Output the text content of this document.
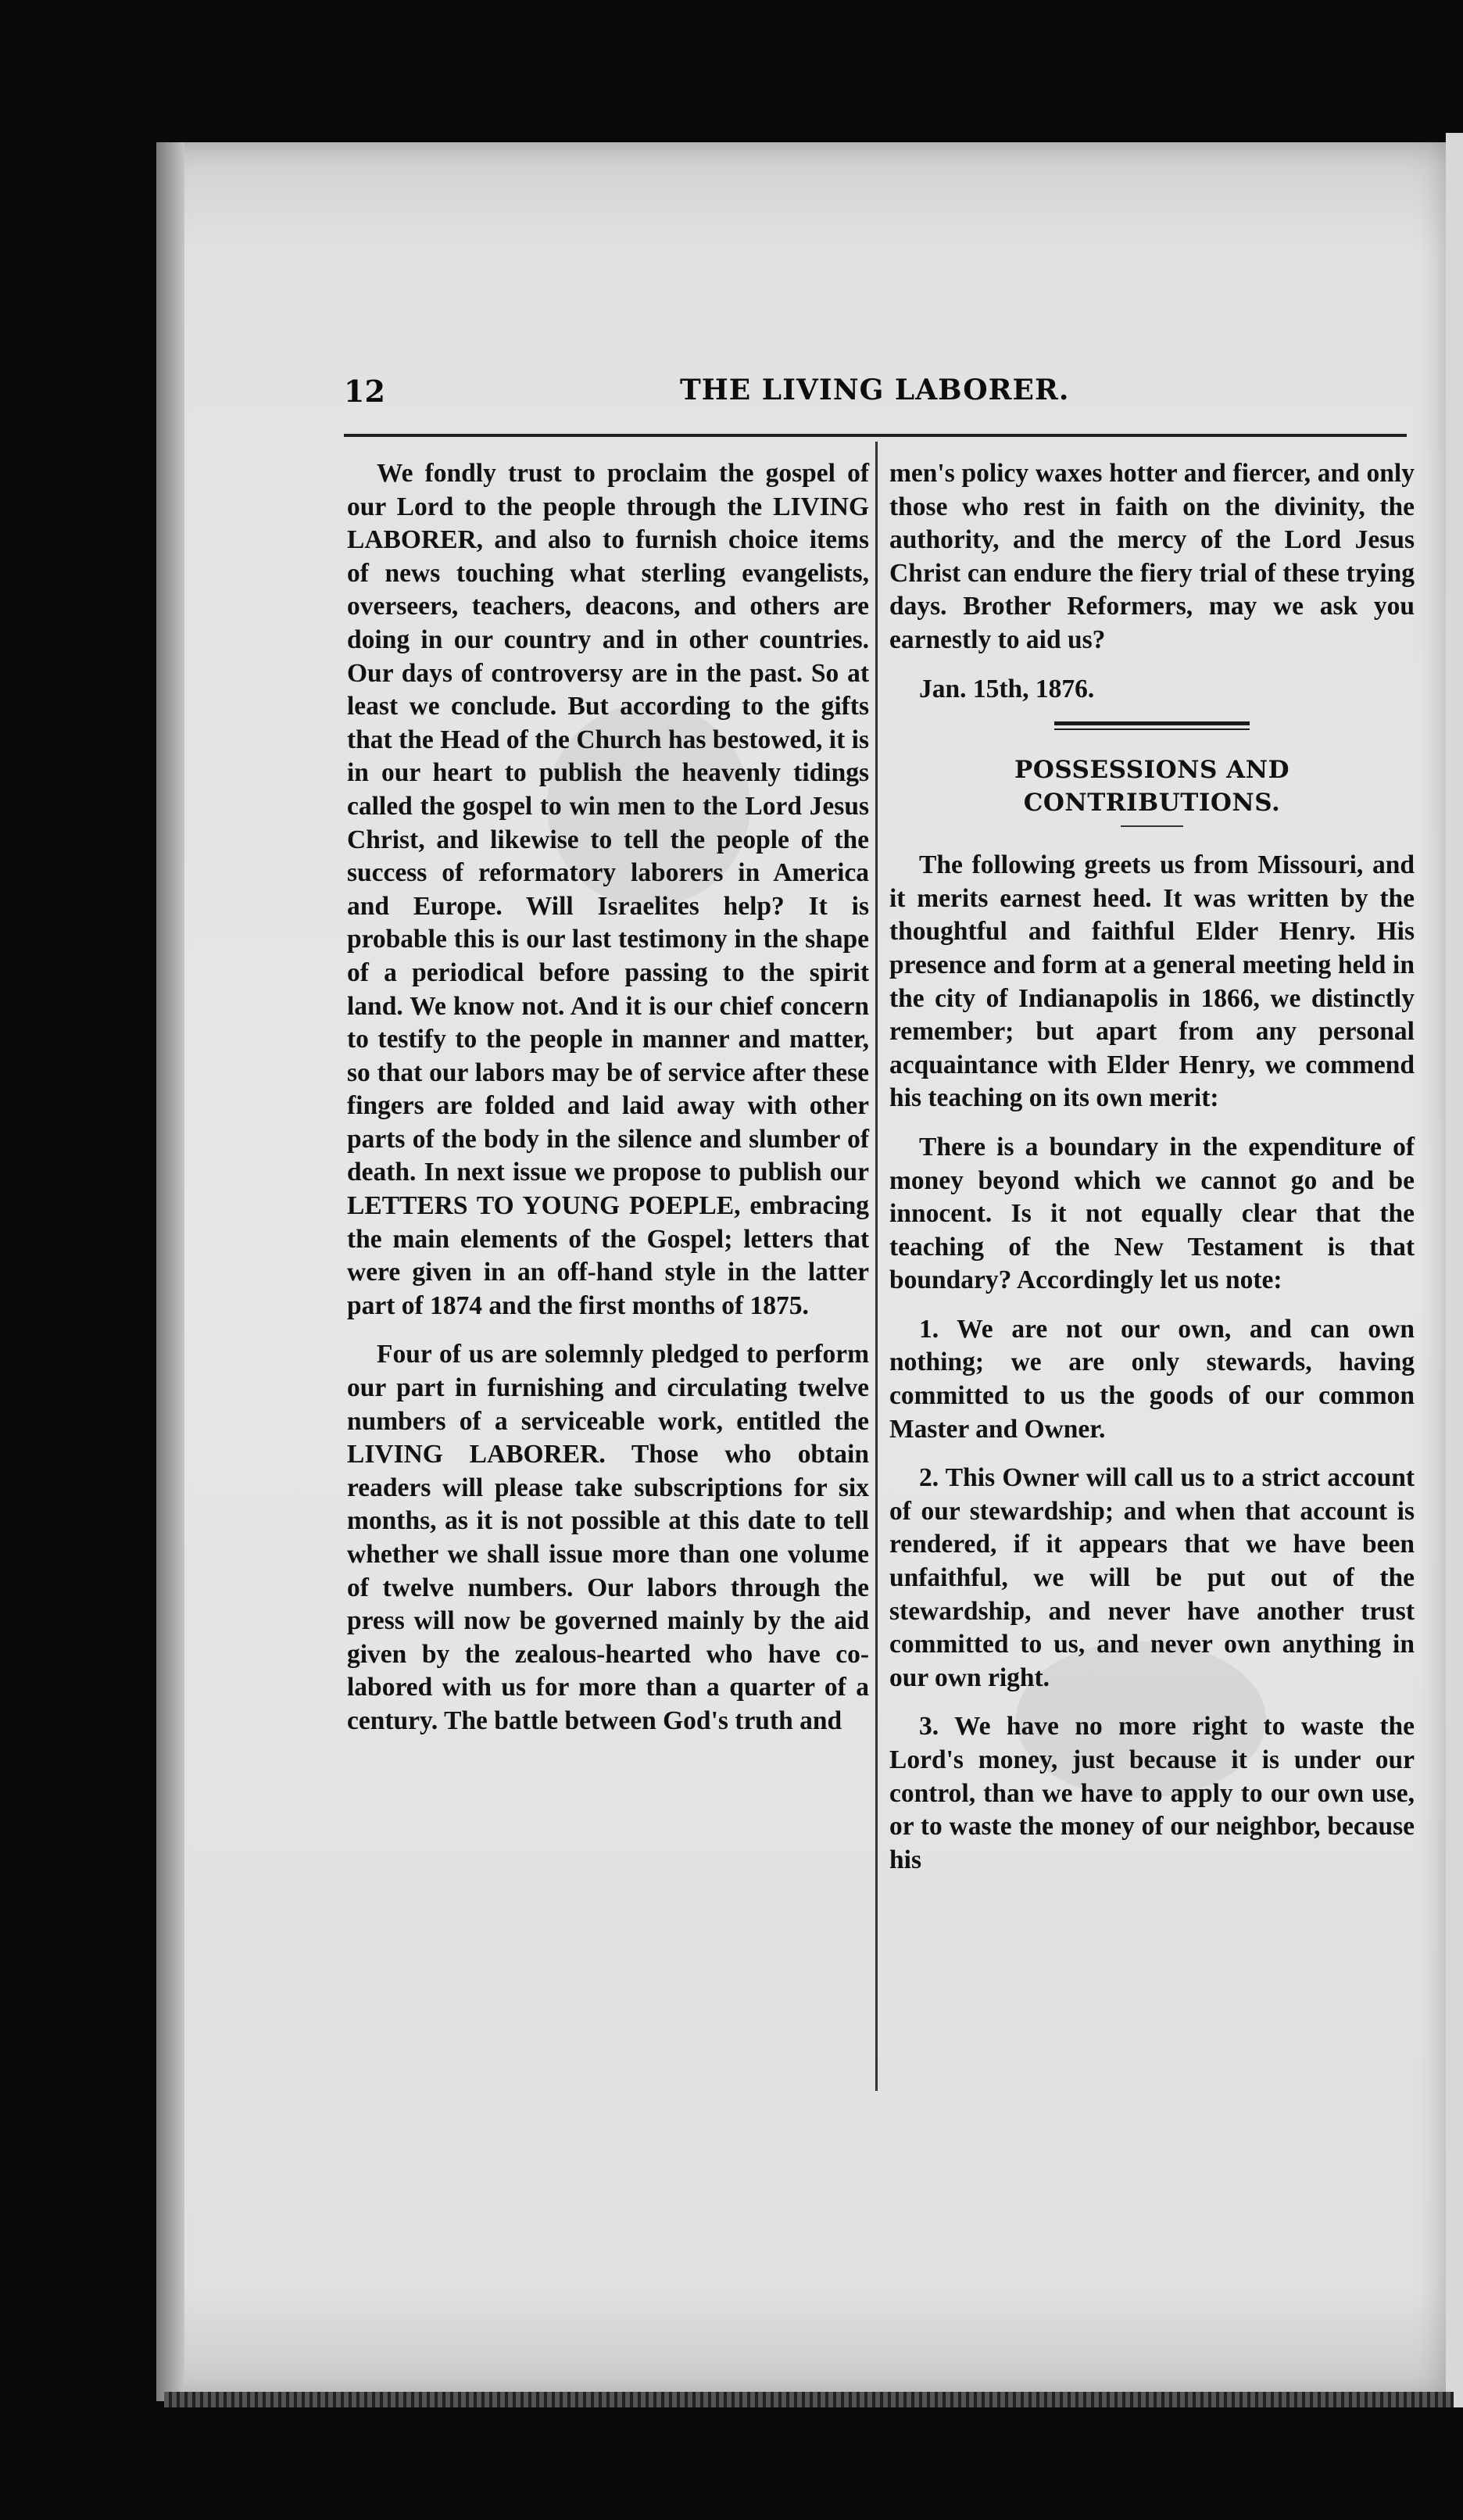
12	THE LIVING LABORER.

We fondly trust to proclaim the gospel of our Lord to the people through the LIVING LABORER, and also to furnish choice items of news touching what sterling evangelists, overseers, teachers, deacons, and others are doing in our country and in other countries. Our days of controversy are in the past. So at least we conclude. But according to the gifts that the Head of the Church has bestowed, it is in our heart to publish the heavenly tidings called the gospel to win men to the Lord Jesus Christ, and likewise to tell the people of the success of reformatory laborers in America and Europe. Will Israelites help? It is probable this is our last testimony in the shape of a periodical before passing to the spirit land. We know not. And it is our chief concern to testify to the people in manner and matter, so that our labors may be of service after these fingers are folded and laid away with other parts of the body in the silence and slumber of death. In next issue we propose to publish our LETTERS TO YOUNG POEPLE, embracing the main elements of the Gospel; letters that were given in an off-hand style in the latter part of 1874 and the first months of 1875.

Four of us are solemnly pledged to perform our part in furnishing and circulating twelve numbers of a serviceable work, entitled the LIVING LABORER. Those who obtain readers will please take subscriptions for six months, as it is not possible at this date to tell whether we shall issue more than one volume of twelve numbers. Our labors through the press will now be governed mainly by the aid given by the zealous-hearted who have co-labored with us for more than a quarter of a century. The battle between God's truth and

men's policy waxes hotter and fiercer, and only those who rest in faith on the divinity, the authority, and the mercy of the Lord Jesus Christ can endure the fiery trial of these trying days. Brother Reformers, may we ask you earnestly to aid us?

Jan. 15th, 1876.

POSSESSIONS AND CONTRIBUTIONS.

The following greets us from Missouri, and it merits earnest heed. It was written by the thoughtful and faithful Elder Henry. His presence and form at a general meeting held in the city of Indianapolis in 1866, we distinctly remember; but apart from any personal acquaintance with Elder Henry, we commend his teaching on its own merit:

There is a boundary in the expenditure of money beyond which we cannot go and be innocent. Is it not equally clear that the teaching of the New Testament is that boundary? Accordingly let us note:

1. We are not our own, and can own nothing; we are only stewards, having committed to us the goods of our common Master and Owner.

2. This Owner will call us to a strict account of our stewardship; and when that account is rendered, if it appears that we have been unfaithful, we will be put out of the stewardship, and never have another trust committed to us, and never own anything in our own right.

3. We have no more right to waste the Lord's money, just because it is under our control, than we have to apply to our own use, or to waste the money of our neighbor, because his
